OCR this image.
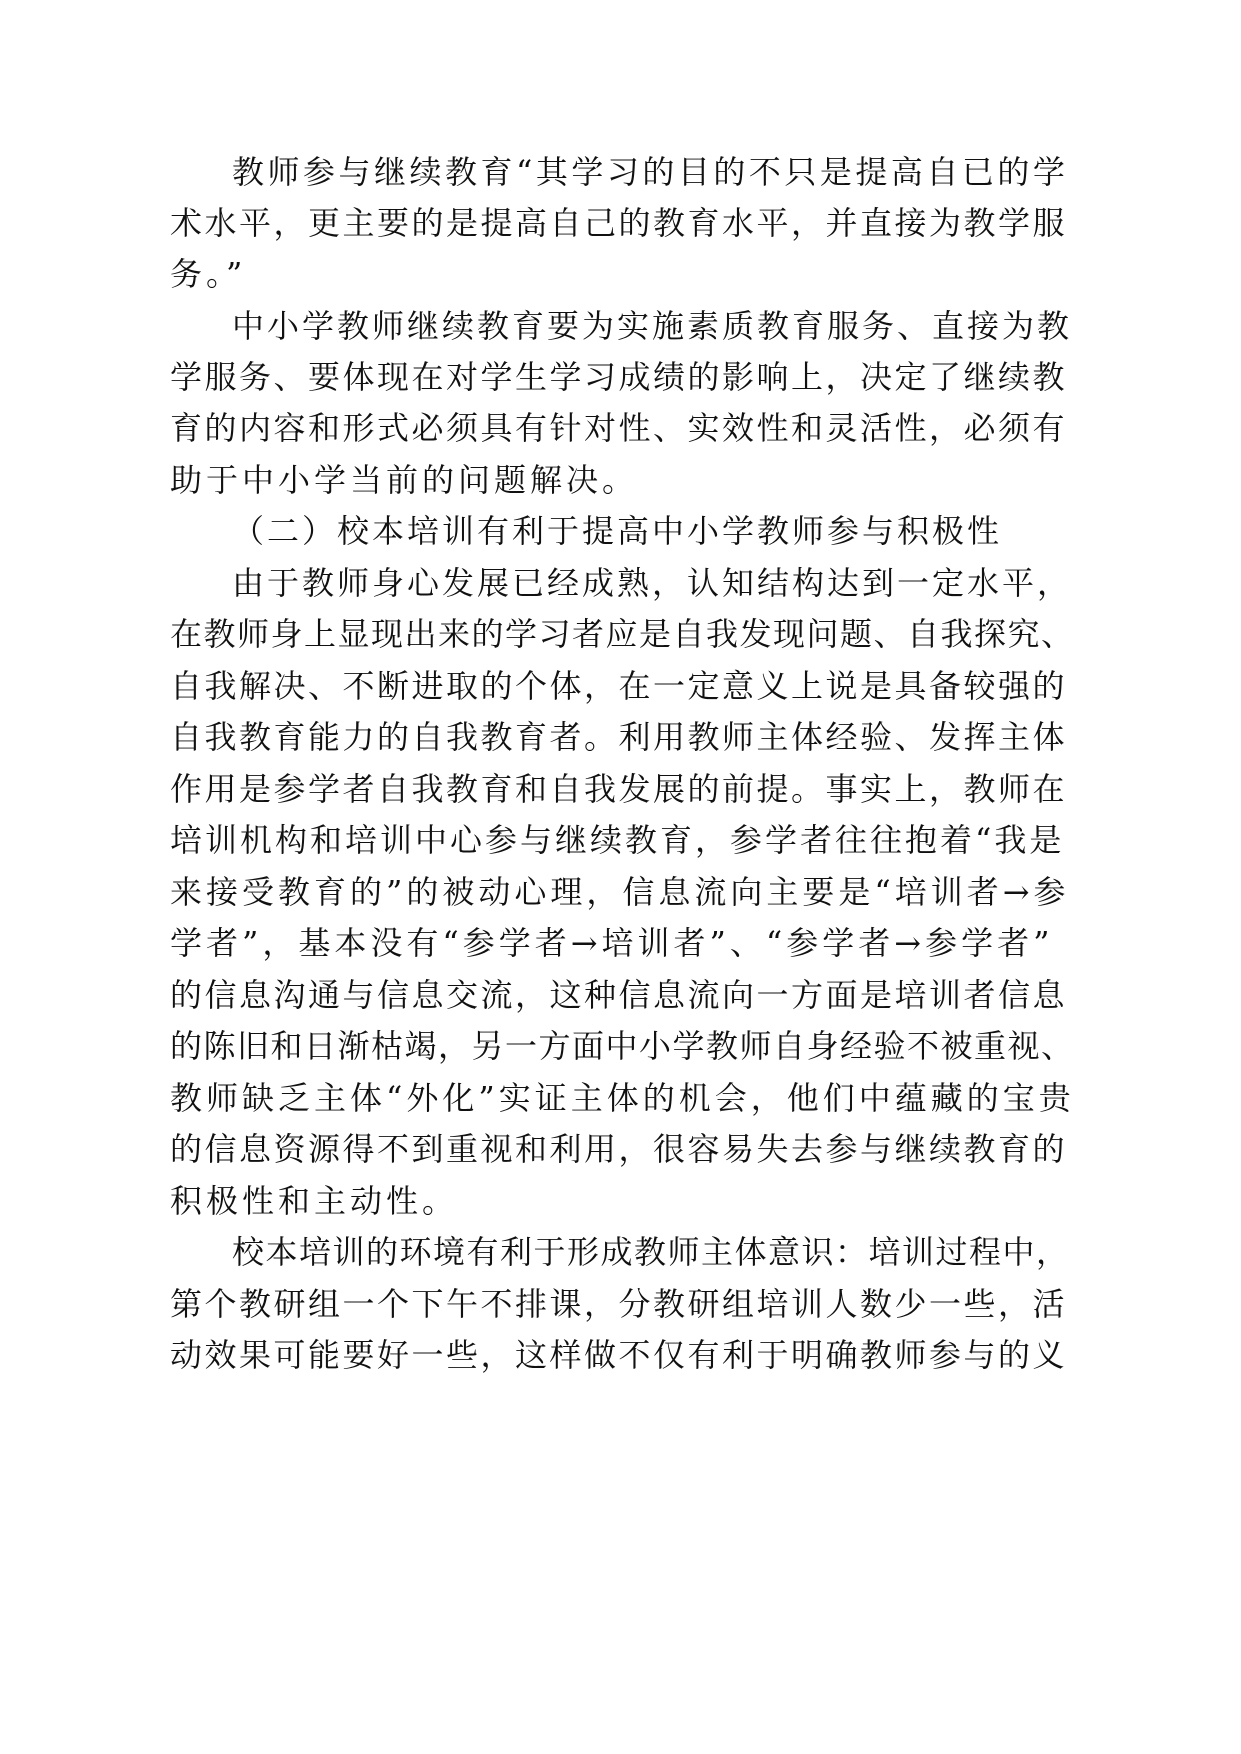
教师参与继续教育“其学习的目的不只是提高自已的学
术水平，更主要的是提高自己的教育水平，并直接为教学服
务。”
中小学教师继续教育要为实施素质教育服务、直接为教
学服务、要体现在对学生学习成绩的影响上，决定了继续教
育的内容和形式必须具有针对性、实效性和灵活性，必须有
助于中小学当前的问题解决。
（二）校本培训有利于提高中小学教师参与积极性
由于教师身心发展已经成熟，认知结构达到一定水平，
在教师身上显现出来的学习者应是自我发现问题、自我探究、
自我解决、不断进取的个体，在一定意义上说是具备较强的
自我教育能力的自我教育者。利用教师主体经验、发挥主体
作用是参学者自我教育和自我发展的前提。事实上，教师在
培训机构和培训中心参与继续教育，参学者往往抱着“我是
来接受教育的”的被动心理，信息流向主要是“培训者→参
学者”，基本没有“参学者→培训者”、“参学者→参学者”
的信息沟通与信息交流，这种信息流向一方面是培训者信息
的陈旧和日渐枯竭，另一方面中小学教师自身经验不被重视、
教师缺乏主体“外化”实证主体的机会，他们中蕴藏的宝贵
的信息资源得不到重视和利用，很容易失去参与继续教育的
积极性和主动性。
校本培训的环境有利于形成教师主体意识：培训过程中，
第个教研组一个下午不排课，分教研组培训人数少一些，活
动效果可能要好一些，这样做不仅有利于明确教师参与的义
